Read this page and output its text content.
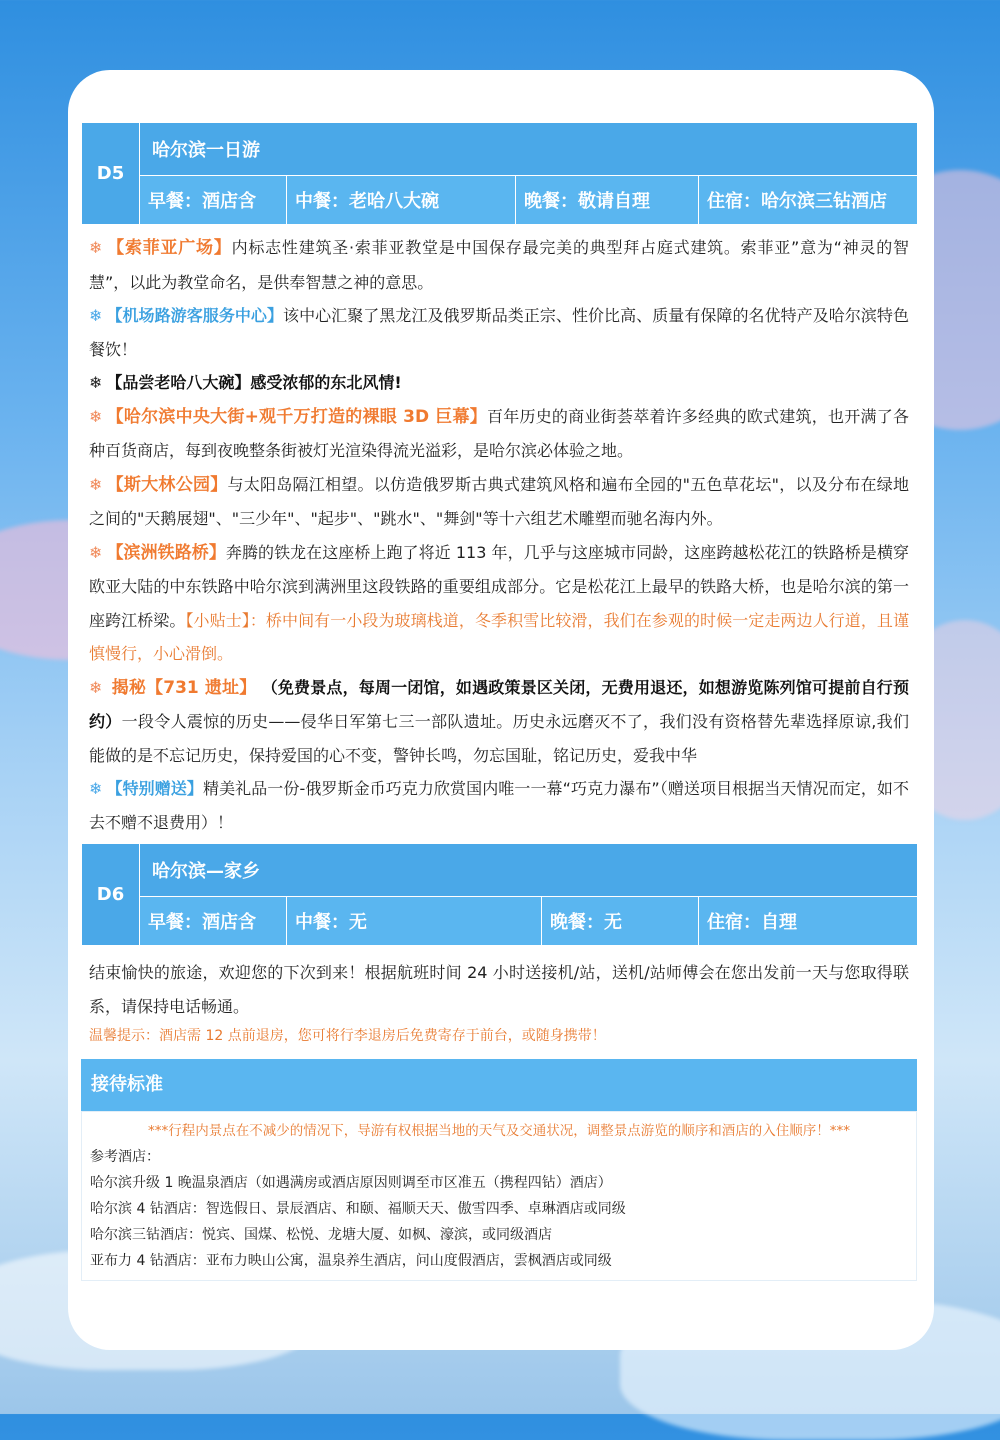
D5	哈尔滨一日游			
	早餐：酒店含	中餐：老哈八大碗	晚餐：敬请自理	住宿：哈尔滨三钻酒店

❄ 【索菲亚广场】内标志性建筑圣·索菲亚教堂是中国保存最完美的典型拜占庭式建筑。索菲亚”意为“神灵的智慧”，以此为教堂命名，是供奉智慧之神的意思。

❄ 【机场路游客服务中心】该中心汇聚了黑龙江及俄罗斯品类正宗、性价比高、质量有保障的名优特产及哈尔滨特色餐饮！

❄ 【品尝老哈八大碗】感受浓郁的东北风情!

❄ 【哈尔滨中央大街+观千万打造的裸眼 3D 巨幕】百年历史的商业街荟萃着许多经典的欧式建筑，也开满了各种百货商店，每到夜晚整条街被灯光渲染得流光溢彩，是哈尔滨必体验之地。

❄ 【斯大林公园】与太阳岛隔江相望。以仿造俄罗斯古典式建筑风格和遍布全园的"五色草花坛"，以及分布在绿地之间的"天鹅展翅"、"三少年"、"起步"、"跳水"、"舞剑"等十六组艺术雕塑而驰名海内外。

❄ 【滨洲铁路桥】奔腾的铁龙在这座桥上跑了将近 113 年，几乎与这座城市同龄，这座跨越松花江的铁路桥是横穿欧亚大陆的中东铁路中哈尔滨到满洲里这段铁路的重要组成部分。它是松花江上最早的铁路大桥，也是哈尔滨的第一座跨江桥梁。【小贴士】：桥中间有一小段为玻璃栈道，冬季积雪比较滑，我们在参观的时候一定走两边人行道，且谨慎慢行，小心滑倒。

❄ 揭秘【731 遗址】 （免费景点，每周一闭馆，如遇政策景区关闭，无费用退还，如想游览陈列馆可提前自行预约）一段令人震惊的历史——侵华日军第七三一部队遗址。历史永远磨灭不了，我们没有资格替先辈选择原谅,我们能做的是不忘记历史，保持爱国的心不变，警钟长鸣，勿忘国耻，铭记历史，爱我中华

❄ 【特别赠送】精美礼品一份-俄罗斯金币巧克力欣赏国内唯一一幕“巧克力瀑布”（赠送项目根据当天情况而定，如不去不赠不退费用）！

D6	哈尔滨—家乡			
	早餐：酒店含	中餐：无	晚餐：无	住宿：自理

结束愉快的旅途，欢迎您的下次到来！根据航班时间 24 小时送接机/站，送机/站师傅会在您出发前一天与您取得联系，请保持电话畅通。

温馨提示：酒店需 12 点前退房，您可将行李退房后免费寄存于前台，或随身携带！

接待标准

***行程内景点在不减少的情况下，导游有权根据当地的天气及交通状况，调整景点游览的顺序和酒店的入住顺序！***

参考酒店：

哈尔滨升级 1 晚温泉酒店（如遇满房或酒店原因则调至市区准五（携程四钻）酒店）

哈尔滨 4 钻酒店：智选假日、景辰酒店、和颐、福顺天天、傲雪四季、卓琳酒店或同级

哈尔滨三钻酒店：悦宾、国煤、松悦、龙塘大厦、如枫、濠滨，或同级酒店

亚布力 4 钻酒店：亚布力映山公寓，温泉养生酒店，问山度假酒店，雲枫酒店或同级
